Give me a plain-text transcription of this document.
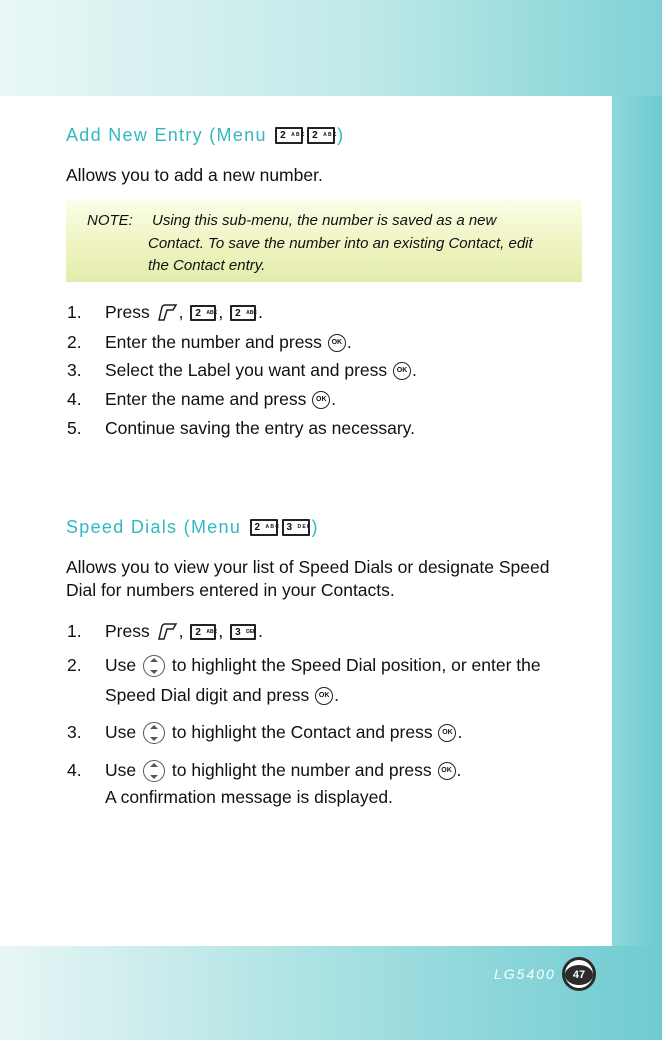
Add New Entry (Menu 2 ABC 2 ABC )
Allows you to add a new number.
NOTE: Using this sub-menu, the number is saved as a new
Contact. To save the number into an existing Contact, edit
the Contact entry.
1. Press , 2 ABC , 2 ABC .
2. Enter the number and press OK .
3. Select the Label you want and press OK .
4. Enter the name and press OK .
5. Continue saving the entry as necessary.
Speed Dials (Menu 2 ABC 3 DEF )
Allows you to view your list of Speed Dials or designate Speed
Dial for numbers entered in your Contacts.
1. Press , 2 ABC , 3 DEF .
2. Use to highlight the Speed Dial position, or enter the
Speed Dial digit and press OK .
3. Use to highlight the Contact and press OK .
4. Use to highlight the number and press OK .
A confirmation message is displayed.
LG5400	47
